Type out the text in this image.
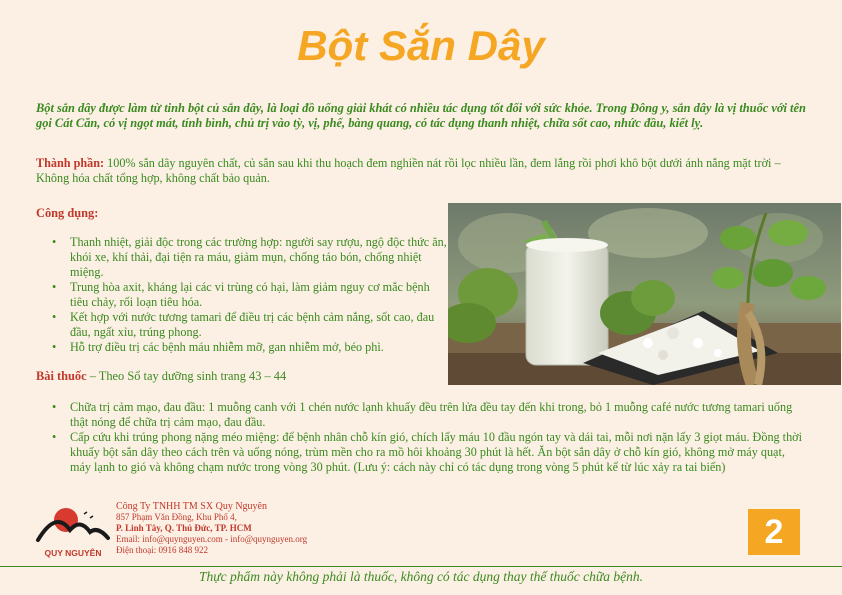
Bột Sắn Dây
Bột sắn dây được làm từ tinh bột củ sắn dây, là loại đồ uống giải khát có nhiều tác dụng tốt đối với sức khỏe. Trong Đông y, sắn dây là vị thuốc với tên gọi Cát Căn, có vị ngọt mát, tính bình, chủ trị vào tỳ, vị, phế, bàng quang, có tác dụng thanh nhiệt, chữa sốt cao, nhức đầu, kiết lỵ.
Thành phần: 100% sắn dây nguyên chất, củ sắn sau khi thu hoạch đem nghiền nát rồi lọc nhiều lần, đem lắng rồi phơi khô bột dưới ánh nắng mặt trời – Không hóa chất tổng hợp, không chất bảo quản.
Công dụng:
• Thanh nhiệt, giải độc trong các trường hợp: người say rượu, ngộ độc thức ăn, khói xe, khí thải, đại tiện ra máu, giảm mụn, chống táo bón, chống nhiệt miệng.
• Trung hòa axit, kháng lại các vi trùng có hại, làm giảm nguy cơ mắc bệnh tiêu chảy, rối loạn tiêu hóa.
• Kết hợp với nước tương tamari để điều trị các bệnh cảm nắng, sốt cao, đau đầu, ngất xỉu, trúng phong.
• Hỗ trợ điều trị các bệnh máu nhiễm mỡ, gan nhiễm mở, béo phì.
Bài thuốc – Theo Sổ tay dưỡng sinh trang 43 – 44
• Chữa trị cảm mạo, đau đầu: 1 muỗng canh với 1 chén nước lạnh khuấy đều trên lửa đều tay đến khi trong, bỏ 1 muỗng café nước tương tamari uống thật nóng để chữa trị cảm mạo, đau đầu.
• Cấp cứu khi trúng phong nặng méo miệng: để bệnh nhân chỗ kín gió, chích lấy máu 10 đầu ngón tay và dái tai, mỗi nơi nặn lấy 3 giọt máu. Đồng thời khuấy bột sắn dây theo cách trên và uống nóng, trùm mền cho ra mồ hôi khoảng 30 phút là hết. Ăn bột sắn dây ở chỗ kín gió, không mở máy quạt, máy lạnh to gió và không chạm nước trong vòng 30 phút. (Lưu ý: cách này chỉ có tác dụng trong vòng 5 phút kể từ lúc xảy ra tai biến)
QUY NGUYÊN
Công Ty TNHH TM SX Quy Nguyên
857 Phạm Văn Đồng, Khu Phố 4,
P. Linh Tây, Q. Thủ Đức, TP. HCM
Email: info@quynguyen.com - info@quynguyen.org
Điện thoại: 0916 848 922	2
Thực phẩm này không phải là thuốc, không có tác dụng thay thế thuốc chữa bệnh.
